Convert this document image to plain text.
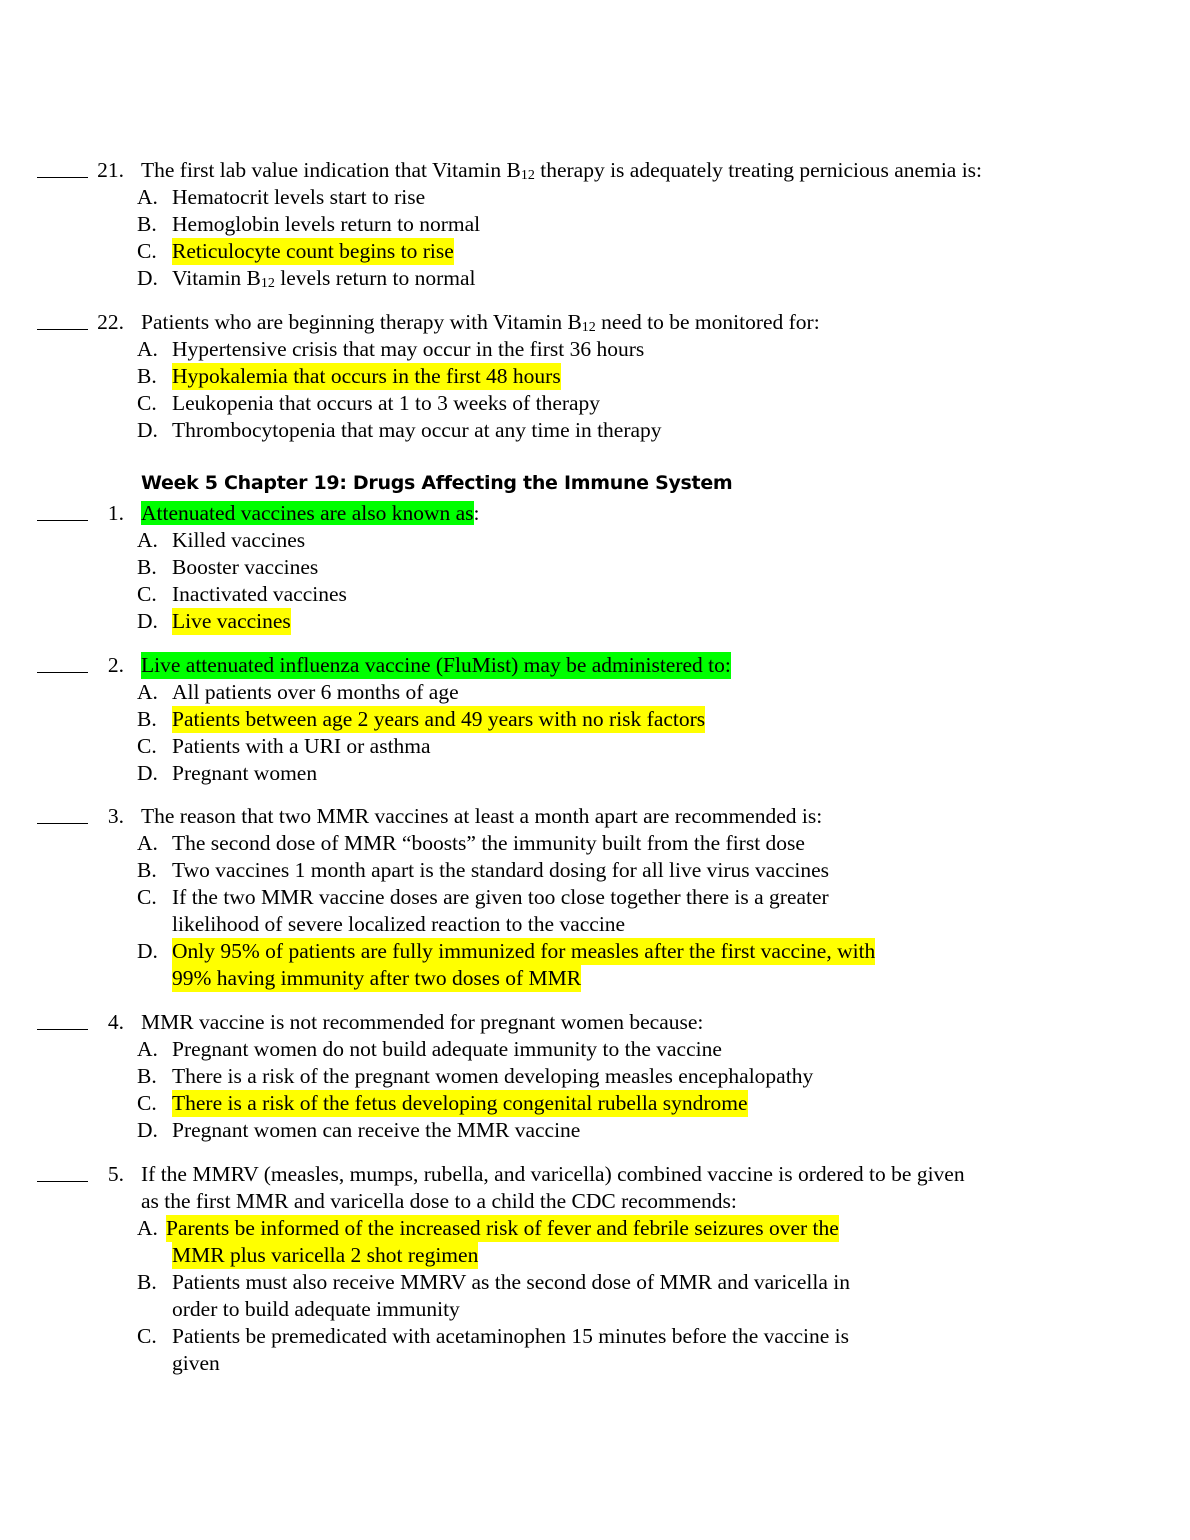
21. The first lab value indication that Vitamin $B_{12}$ therapy is adequately treating pernicious anemia is:
A. Hematocrit levels start to rise
B. Hemoglobin levels return to normal
C. Reticulocyte count begins to rise
D. Vitamin $B_{12}$ levels return to normal
22. Patients who are beginning therapy with Vitamin $B_{12}$ need to be monitored for:
A. Hypertensive crisis that may occur in the first 36 hours
B. Hypokalemia that occurs in the first 48 hours
C. Leukopenia that occurs at 1 to 3 weeks of therapy
D. Thrombocytopenia that may occur at any time in therapy
Week 5 Chapter 19: Drugs Affecting the Immune System
1. Attenuated vaccines are also known as:
A. Killed vaccines
B. Booster vaccines
C. Inactivated vaccines
D. Live vaccines
2. Live attenuated influenza vaccine (FluMist) may be administered to:
A. All patients over 6 months of age
B. Patients between age 2 years and 49 years with no risk factors
C. Patients with a URI or asthma
D. Pregnant women
3. The reason that two MMR vaccines at least a month apart are recommended is:
A. The second dose of MMR “boosts” the immunity built from the first dose
B. Two vaccines 1 month apart is the standard dosing for all live virus vaccines
C. If the two MMR vaccine doses are given too close together there is a greater
likelihood of severe localized reaction to the vaccine
D. Only 95% of patients are fully immunized for measles after the first vaccine, with
99% having immunity after two doses of MMR
4. MMR vaccine is not recommended for pregnant women because:
A. Pregnant women do not build adequate immunity to the vaccine
B. There is a risk of the pregnant women developing measles encephalopathy
C. There is a risk of the fetus developing congenital rubella syndrome
D. Pregnant women can receive the MMR vaccine
5. If the MMRV (measles, mumps, rubella, and varicella) combined vaccine is ordered to be given
as the first MMR and varicella dose to a child the CDC recommends:
A. Parents be informed of the increased risk of fever and febrile seizures over the
MMR plus varicella 2 shot regimen
B. Patients must also receive MMRV as the second dose of MMR and varicella in
order to build adequate immunity
C. Patients be premedicated with acetaminophen 15 minutes before the vaccine is
given
